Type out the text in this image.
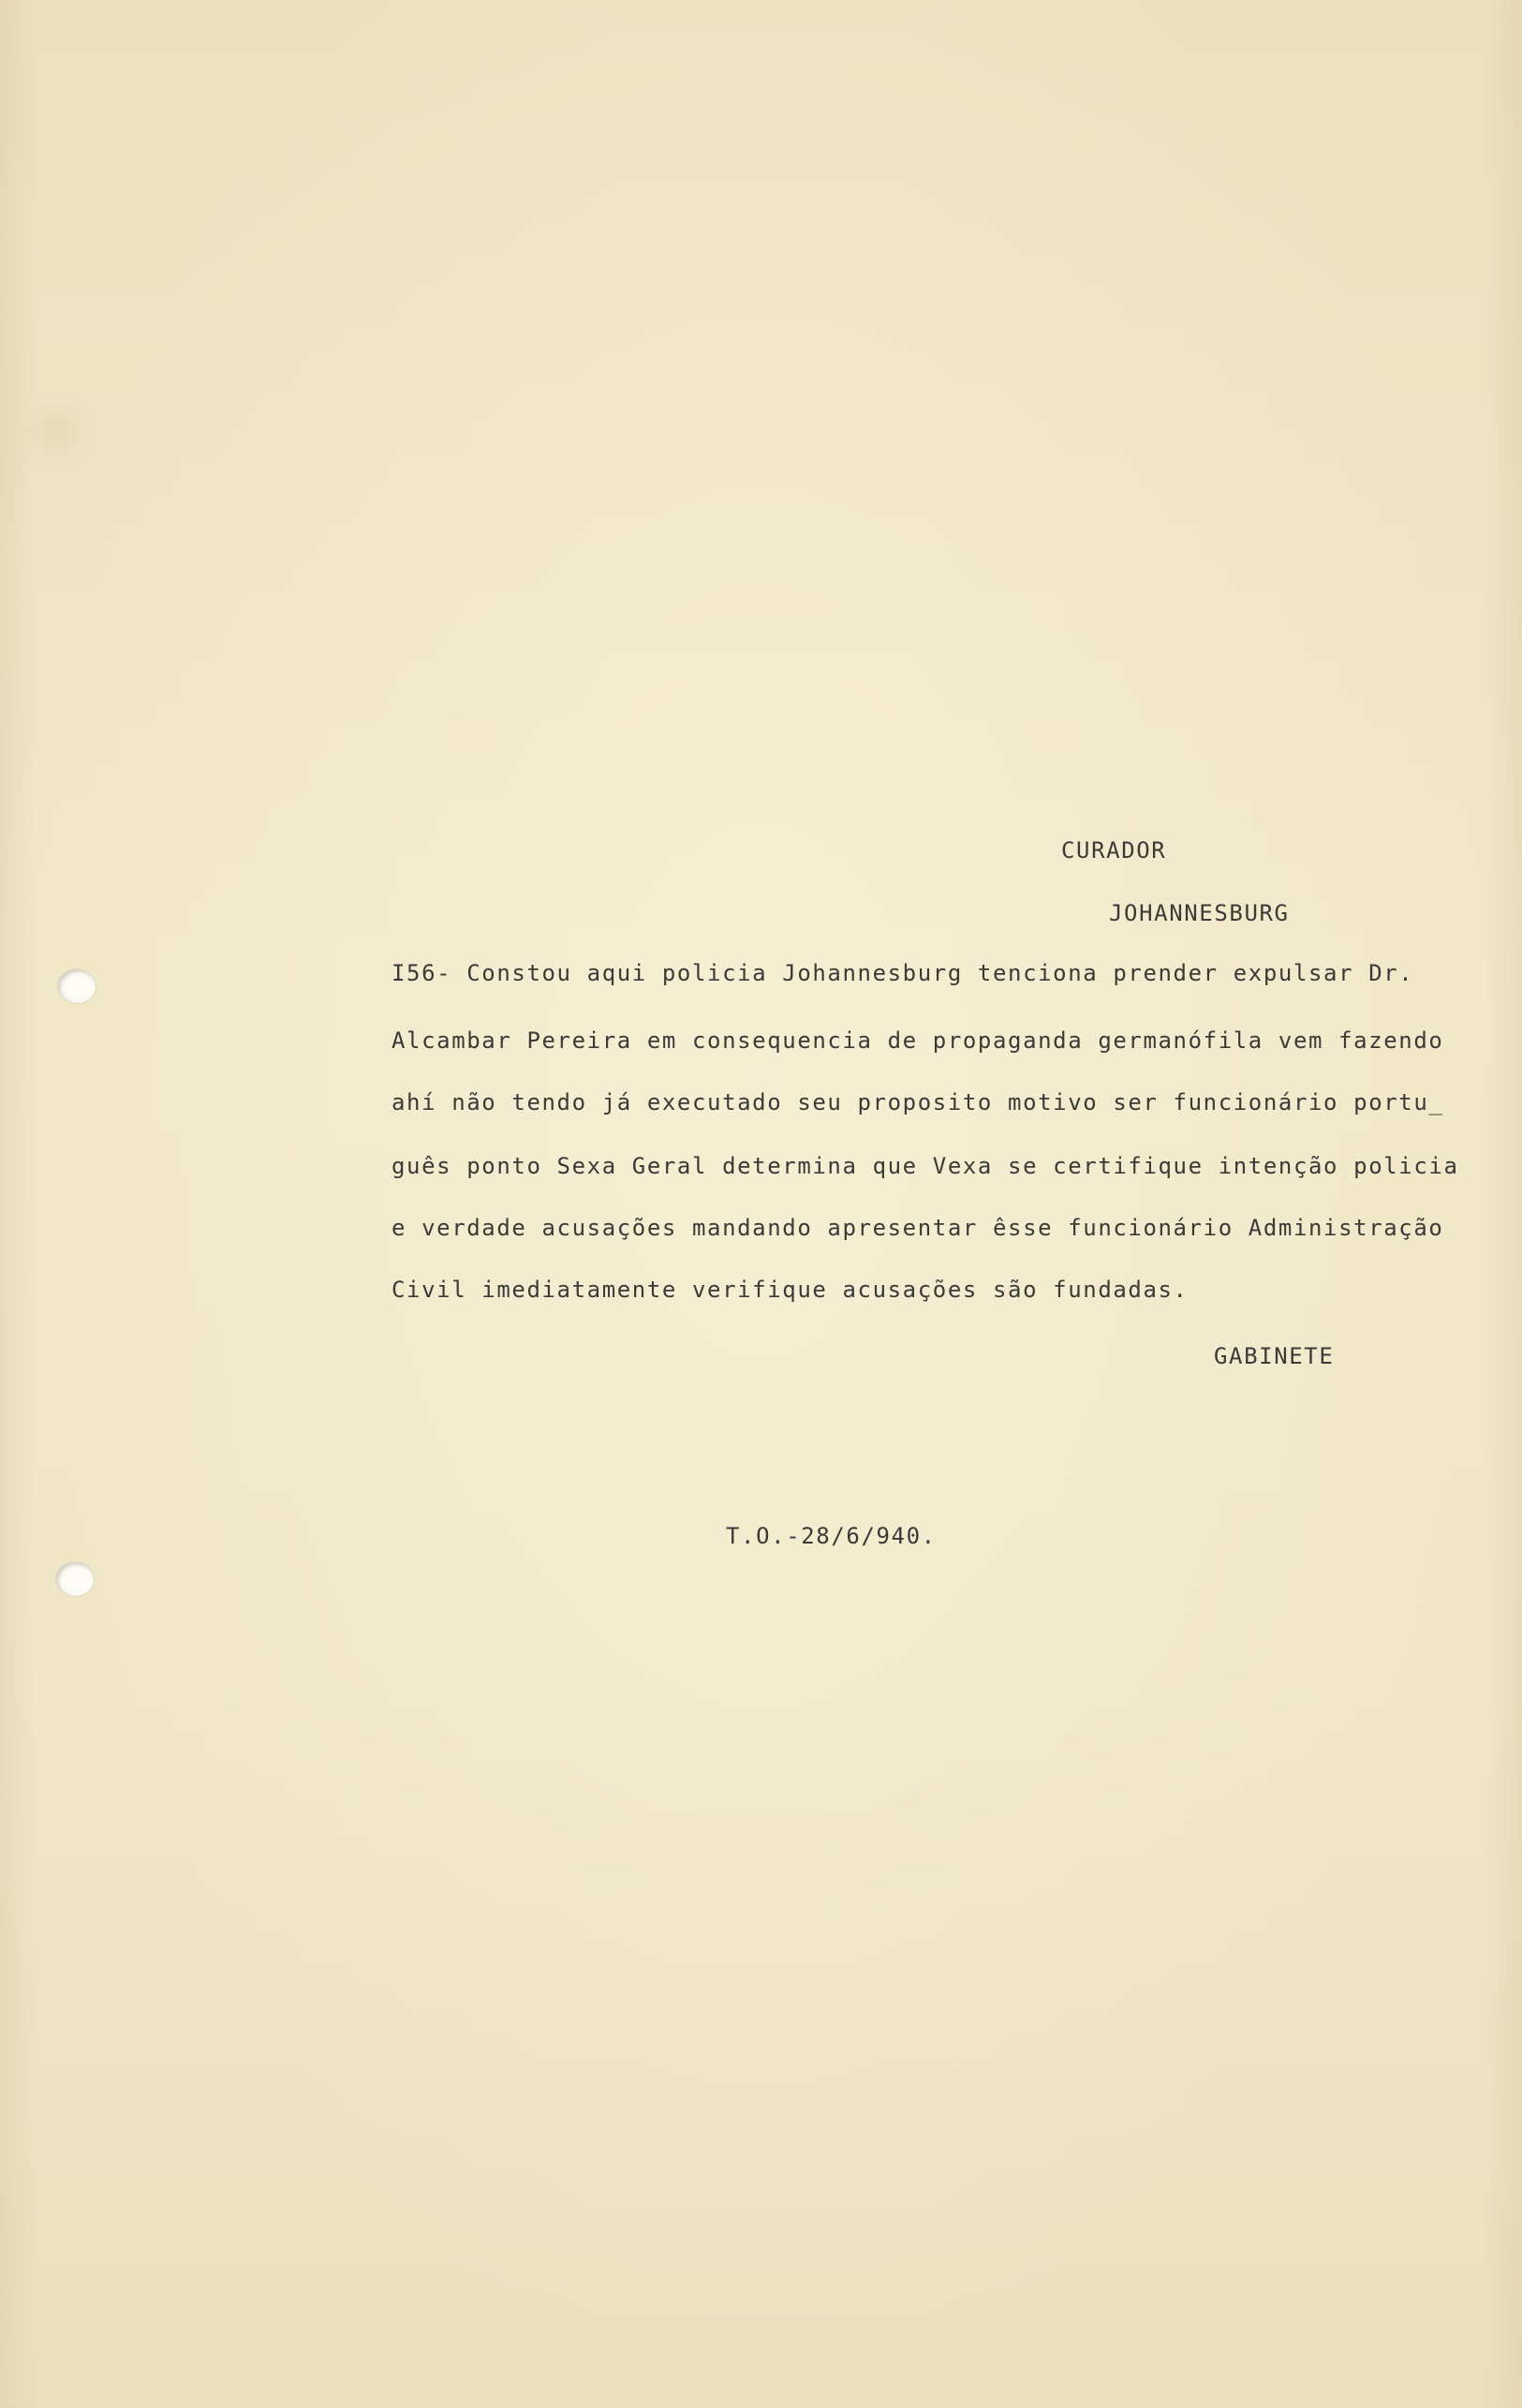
CURADOR
JOHANNESBURG
I56- Constou aqui policia Johannesburg tenciona prender expulsar Dr.
Alcambar Pereira em consequencia de propaganda germanófila vem fazendo
ahí não tendo já executado seu proposito motivo ser funcionário portu_
guês ponto Sexa Geral determina que Vexa se certifique intenção policia
e verdade acusações mandando apresentar êsse funcionário Administração
Civil imediatamente verifique acusações são fundadas.
GABINETE
T.O.-28/6/940.
